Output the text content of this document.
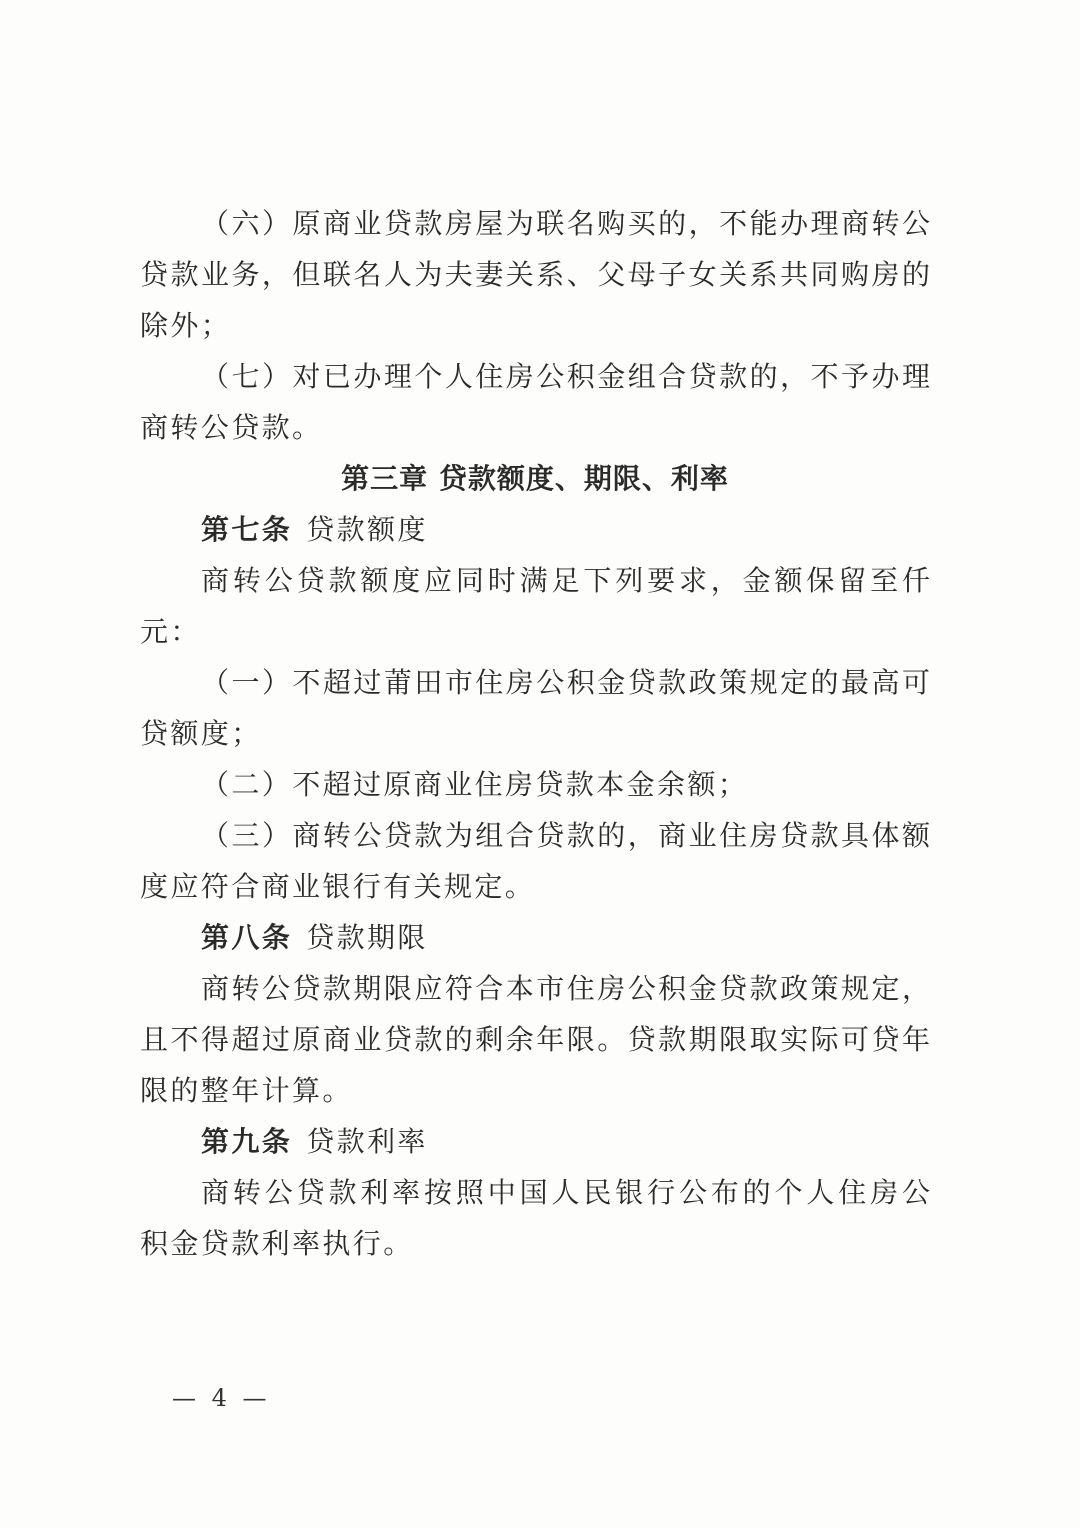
（六）原商业贷款房屋为联名购买的，不能办理商转公
贷款业务，但联名人为夫妻关系、父母子女关系共同购房的
除外；
（七）对已办理个人住房公积金组合贷款的，不予办理
商转公贷款。
第三章 贷款额度、期限、利率
第七条 贷款额度
商转公贷款额度应同时满足下列要求，金额保留至仟
元：
（一）不超过莆田市住房公积金贷款政策规定的最高可
贷额度；
（二）不超过原商业住房贷款本金余额；
（三）商转公贷款为组合贷款的，商业住房贷款具体额
度应符合商业银行有关规定。
第八条 贷款期限
商转公贷款期限应符合本市住房公积金贷款政策规定，
且不得超过原商业贷款的剩余年限。贷款期限取实际可贷年
限的整年计算。
第九条 贷款利率
商转公贷款利率按照中国人民银行公布的个人住房公
积金贷款利率执行。
— 4 —
